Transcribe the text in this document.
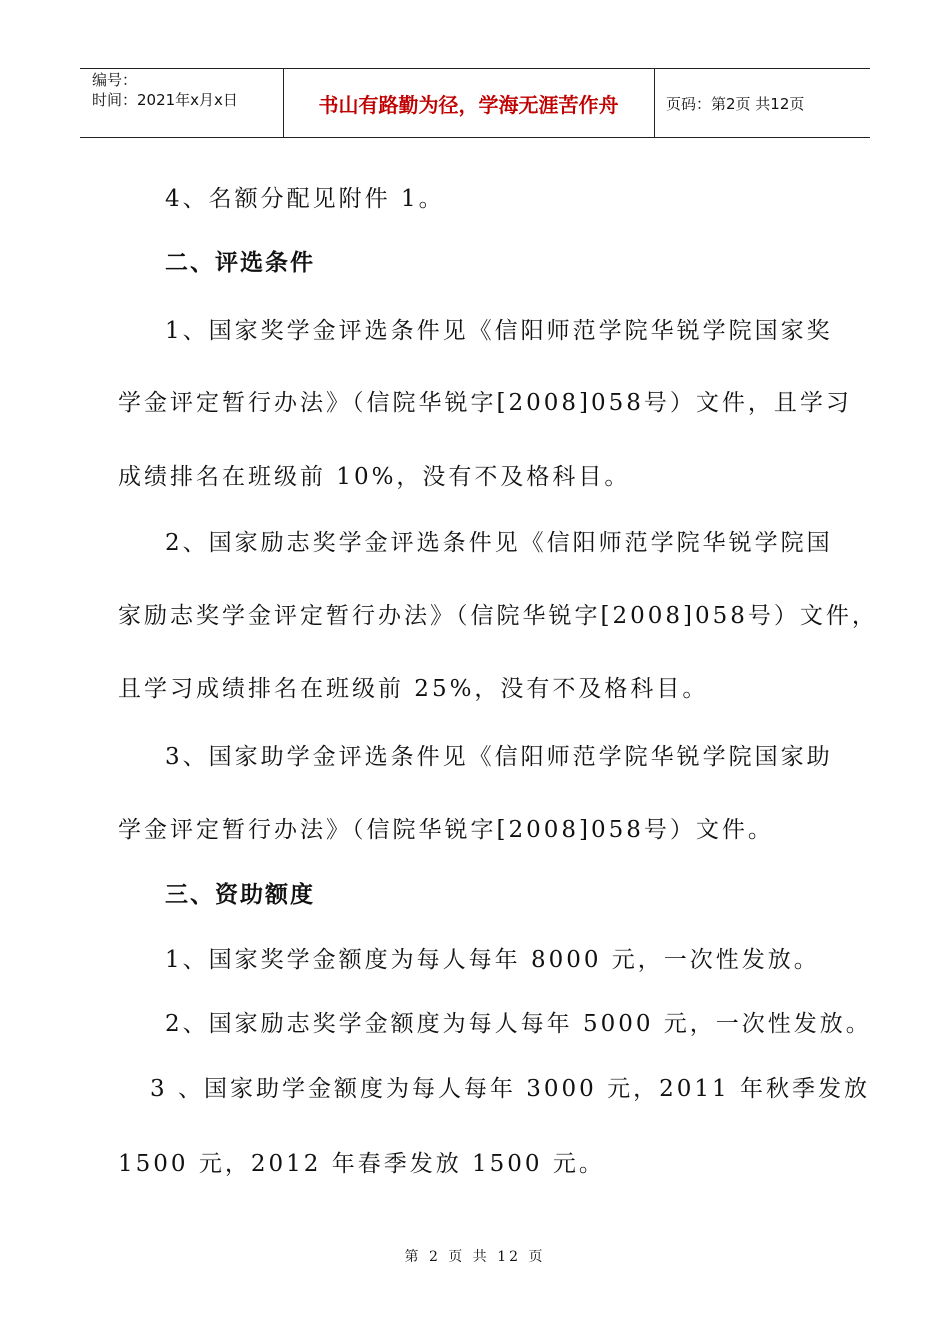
编号：
时间：2021年x月x日	书山有路勤为径，学海无涯苦作舟	页码：第2页 共12页
4、名额分配见附件 1。
二、评选条件
1、国家奖学金评选条件见《信阳师范学院华锐学院国家奖
学金评定暂行办法》（信院华锐字[2008]058号）文件，且学习
成绩排名在班级前 10%，没有不及格科目。
2、国家励志奖学金评选条件见《信阳师范学院华锐学院国
家励志奖学金评定暂行办法》（信院华锐字[2008]058号）文件，
且学习成绩排名在班级前 25%，没有不及格科目。
3、国家助学金评选条件见《信阳师范学院华锐学院国家助
学金评定暂行办法》（信院华锐字[2008]058号）文件。
三、资助额度
1、国家奖学金额度为每人每年 8000 元，一次性发放。
2、国家励志奖学金额度为每人每年 5000 元，一次性发放。
3 、国家助学金额度为每人每年 3000 元，2011 年秋季发放
1500 元，2012 年春季发放 1500 元。
第 2 页 共 12 页
